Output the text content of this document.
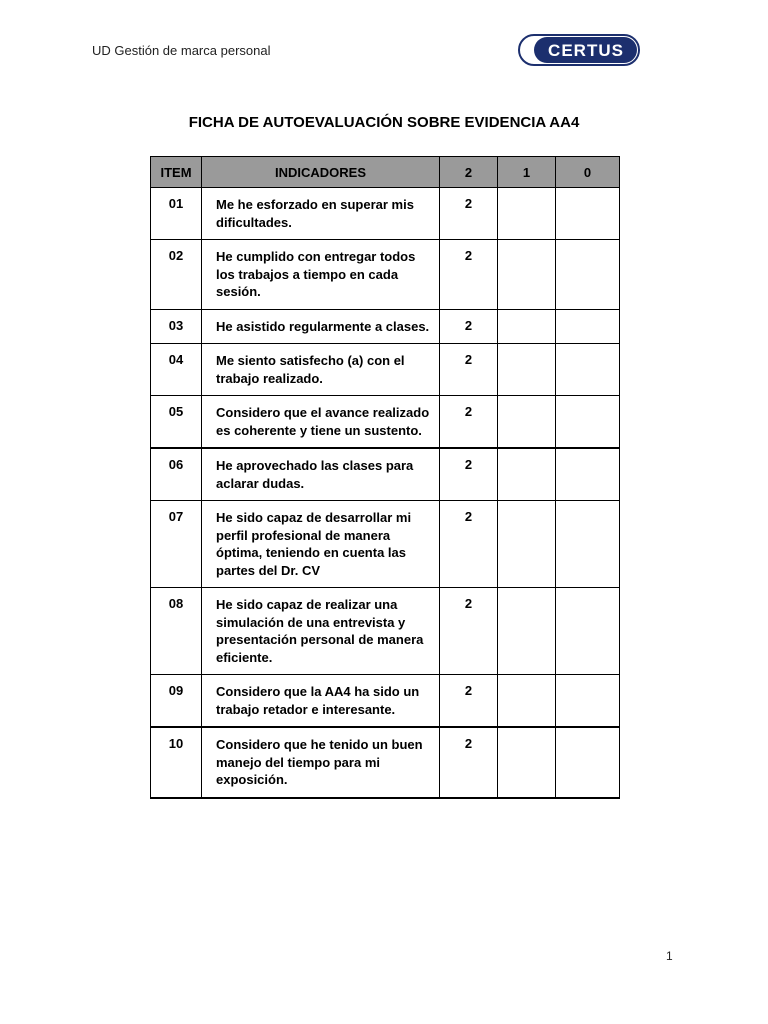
UD Gestión de marca personal	CERTUS
FICHA DE AUTOEVALUACIÓN SOBRE EVIDENCIA AA4
ITEM	INDICADORES	2	1	0
01	Me he esforzado en superar mis dificultades.	2		
02	He cumplido con entregar todos los trabajos a tiempo en cada sesión.	2		
03	He asistido regularmente a clases.	2		
04	Me siento satisfecho (a) con el trabajo realizado.	2		
05	Considero que el avance realizado es coherente y tiene un sustento.	2		
06	He aprovechado las clases para aclarar dudas.	2		
07	He sido capaz de desarrollar mi perfil profesional de manera óptima, teniendo en cuenta las partes del Dr. CV	2		
08	He sido capaz de realizar una simulación de una entrevista y presentación personal de manera eficiente.	2		
09	Considero que la AA4 ha sido un trabajo retador e interesante.	2		
10	Considero que he tenido un buen manejo del tiempo para mi exposición.	2		
1
